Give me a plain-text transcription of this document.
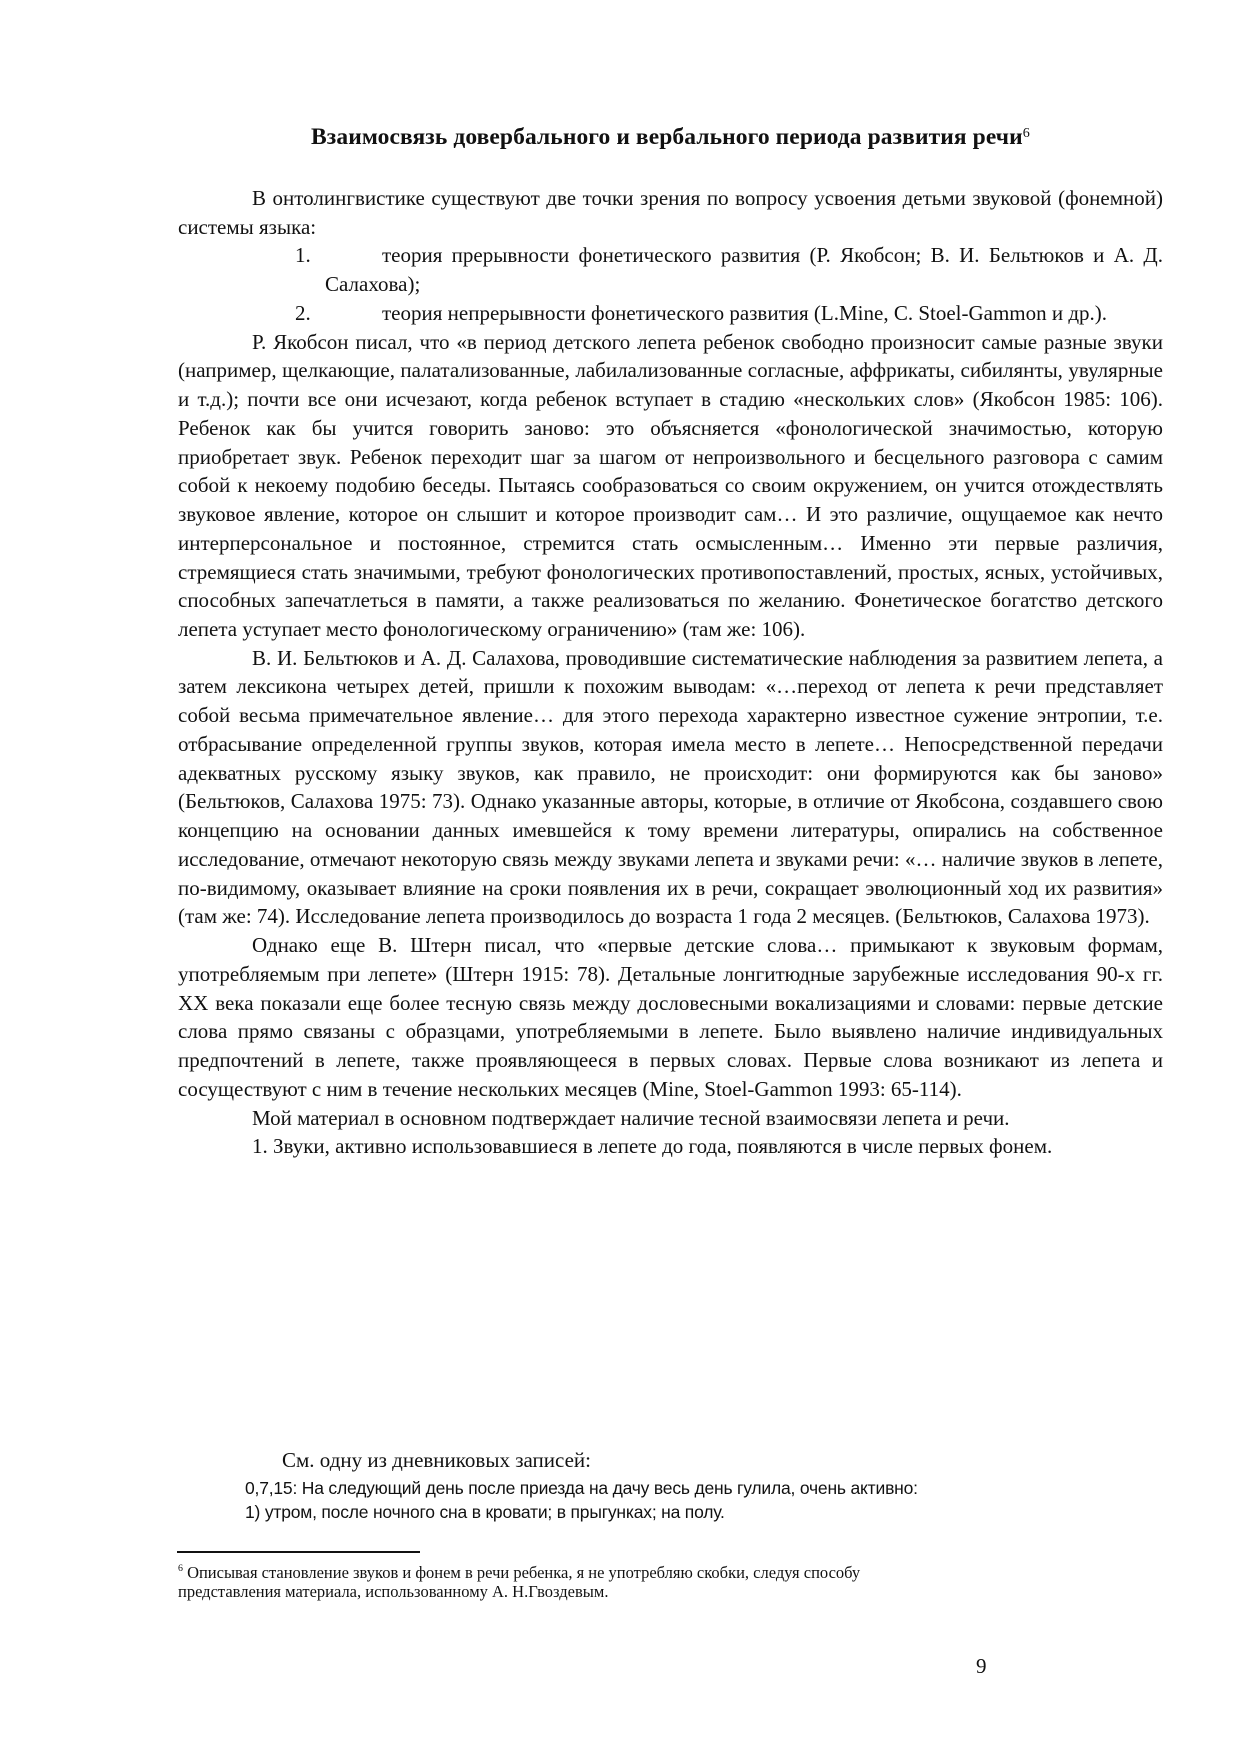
Взаимосвязь довербального и вербального периода развития речи$^6$

В онтолингвистике существуют две точки зрения по вопросу усвоения детьми звуковой (фонемной) системы языка:

1.	теория прерывности фонетического развития (Р. Якобсон; В. И. Бельтюков и А. Д. Салахова);

2.	теория непрерывности фонетического развития (L.Mine, С. Stoel-Gammon и др.).

Р. Якобсон писал, что «в период детского лепета ребенок свободно произносит самые разные звуки (например, щелкающие, палатализованные, лабилализованные согласные, аффрикаты, сибилянты, увулярные и т.д.); почти все они исчезают, когда ребенок вступает в стадию «нескольких слов» (Якобсон 1985: 106). Ребенок как бы учится говорить заново: это объясняется «фонологической значимостью, которую приобретает звук. Ребенок переходит шаг за шагом от непроизвольного и бесцельного разговора с самим собой к некоему подобию беседы. Пытаясь сообразоваться со своим окружением, он учится отождествлять звуковое явление, которое он слышит и которое производит сам… И это различие, ощущаемое как нечто интерперсональное и постоянное, стремится стать осмысленным… Именно эти первые различия, стремящиеся стать значимыми, требуют фонологических противопоставлений, простых, ясных, устойчивых, способных запечатлеться в памяти, а также реализоваться по желанию. Фонетическое богатство детского лепета уступает место фонологическому ограничению» (там же: 106).

В. И. Бельтюков и А. Д. Салахова, проводившие систематические наблюдения за развитием лепета, а затем лексикона четырех детей, пришли к похожим выводам: «…переход от лепета к речи представляет собой весьма примечательное явление… для этого перехода характерно известное сужение энтропии, т.е. отбрасывание определенной группы звуков, которая имела место в лепете… Непосредственной передачи адекватных русскому языку звуков, как правило, не происходит: они формируются как бы заново» (Бельтюков, Салахова 1975: 73). Однако указанные авторы, которые, в отличие от Якобсона, создавшего свою концепцию на основании данных имевшейся к тому времени литературы, опирались на собственное исследование, отмечают некоторую связь между звуками лепета и звуками речи: «… наличие звуков в лепете, по-видимому, оказывает влияние на сроки появления их в речи, сокращает эволюционный ход их развития» (там же: 74). Исследование лепета производилось до возраста 1 года 2 месяцев. (Бельтюков, Салахова 1973).

Однако еще В. Штерн писал, что «первые детские слова… примыкают к звуковым формам, употребляемым при лепете» (Штерн 1915: 78). Детальные лонгитюдные зарубежные исследования 90-х гг. XX века показали еще более тесную связь между дословесными вокализациями и словами: первые детские слова прямо связаны с образцами, употребляемыми в лепете. Было выявлено наличие индивидуальных предпочтений в лепете, также проявляющееся в первых словах. Первые слова возникают из лепета и сосуществуют с ним в течение нескольких месяцев (Mine, Stoel-Gammon 1993: 65-114).

Мой материал в основном подтверждает наличие тесной взаимосвязи лепета и речи.

1. Звуки, активно использовавшиеся в лепете до года, появляются в числе первых фонем.

См. одну из дневниковых записей:
0,7,15: На следующий день после приезда на дачу весь день гулила, очень активно:
1) утром, после ночного сна в кровати; в прыгунках; на полу.
$^6$ Описывая становление звуков и фонем в речи ребенка, я не употребляю скобки, следуя способу
представления материала, использованному А. Н.Гвоздевым.
9
